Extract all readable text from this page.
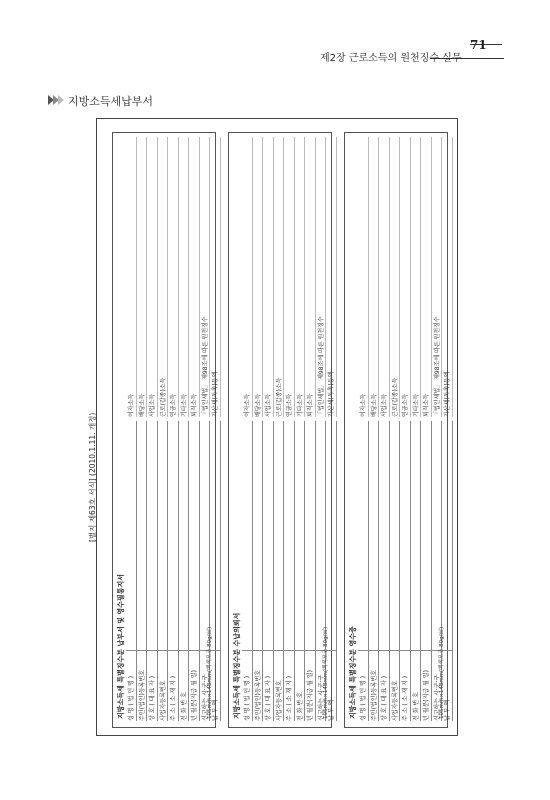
71
제2장 근로소득의 원천징수 실무
지방소득세납부서
[별지 제63호 서식] (2010.1.11. 개정)
지방소득세 특별징수분 납부서 및 영수필통지서 성 명 ( 법 인 명 ) 주민(법인)등록번호 상 호 ( 대 표 자 ) 사업자등록번호 주 소 ( 소 재 지 ) 전 화 번 호 년 월분(지급 월 일) 신고하는 시·군·구 납 부 액
이자소득 배당소득 사업소득 근로(갑종)소득 연금소득 기타소득 퇴직소득 「법인세법」 제98조에 따른 원천징수 가산세(독촉)등액
105mm×148mm(백색모조 80g/㎡)	지방소득세 특별징수분 수납의뢰서 성 명 ( 법 인 명 ) 주민(법인)등록번호 상 호 ( 대 표 자 ) 사업자등록번호 주 소 ( 소 재 지 ) 전 화 번 호 년 월분(지급 월 일) 신고하는 시·군·구 납 부 액
이자소득 배당소득 사업소득 근로(갑종)소득 연금소득 기타소득 퇴직소득 「법인세법」 제98조에 따른 원천징수 가산세(독촉)등액
105mm×148mm(백색모조 80g/㎡)	지방소득세 특별징수분 영수증 성 명 ( 법 인 명 ) 주민(법인)등록번호 상 호 ( 대 표 자 ) 사업자등록번호 주 소 ( 소 재 지 ) 전 화 번 호 년 월분(지급 월 일) 신고하는 시·군·구 납 부 액
이자소득 배당소득 사업소득 근로(갑종)소득 연금소득 기타소득 퇴직소득 「법인세법」 제98조에 따른 원천징수 가산세(독촉)등액
105mm×148mm(백색모조 80g/㎡)
